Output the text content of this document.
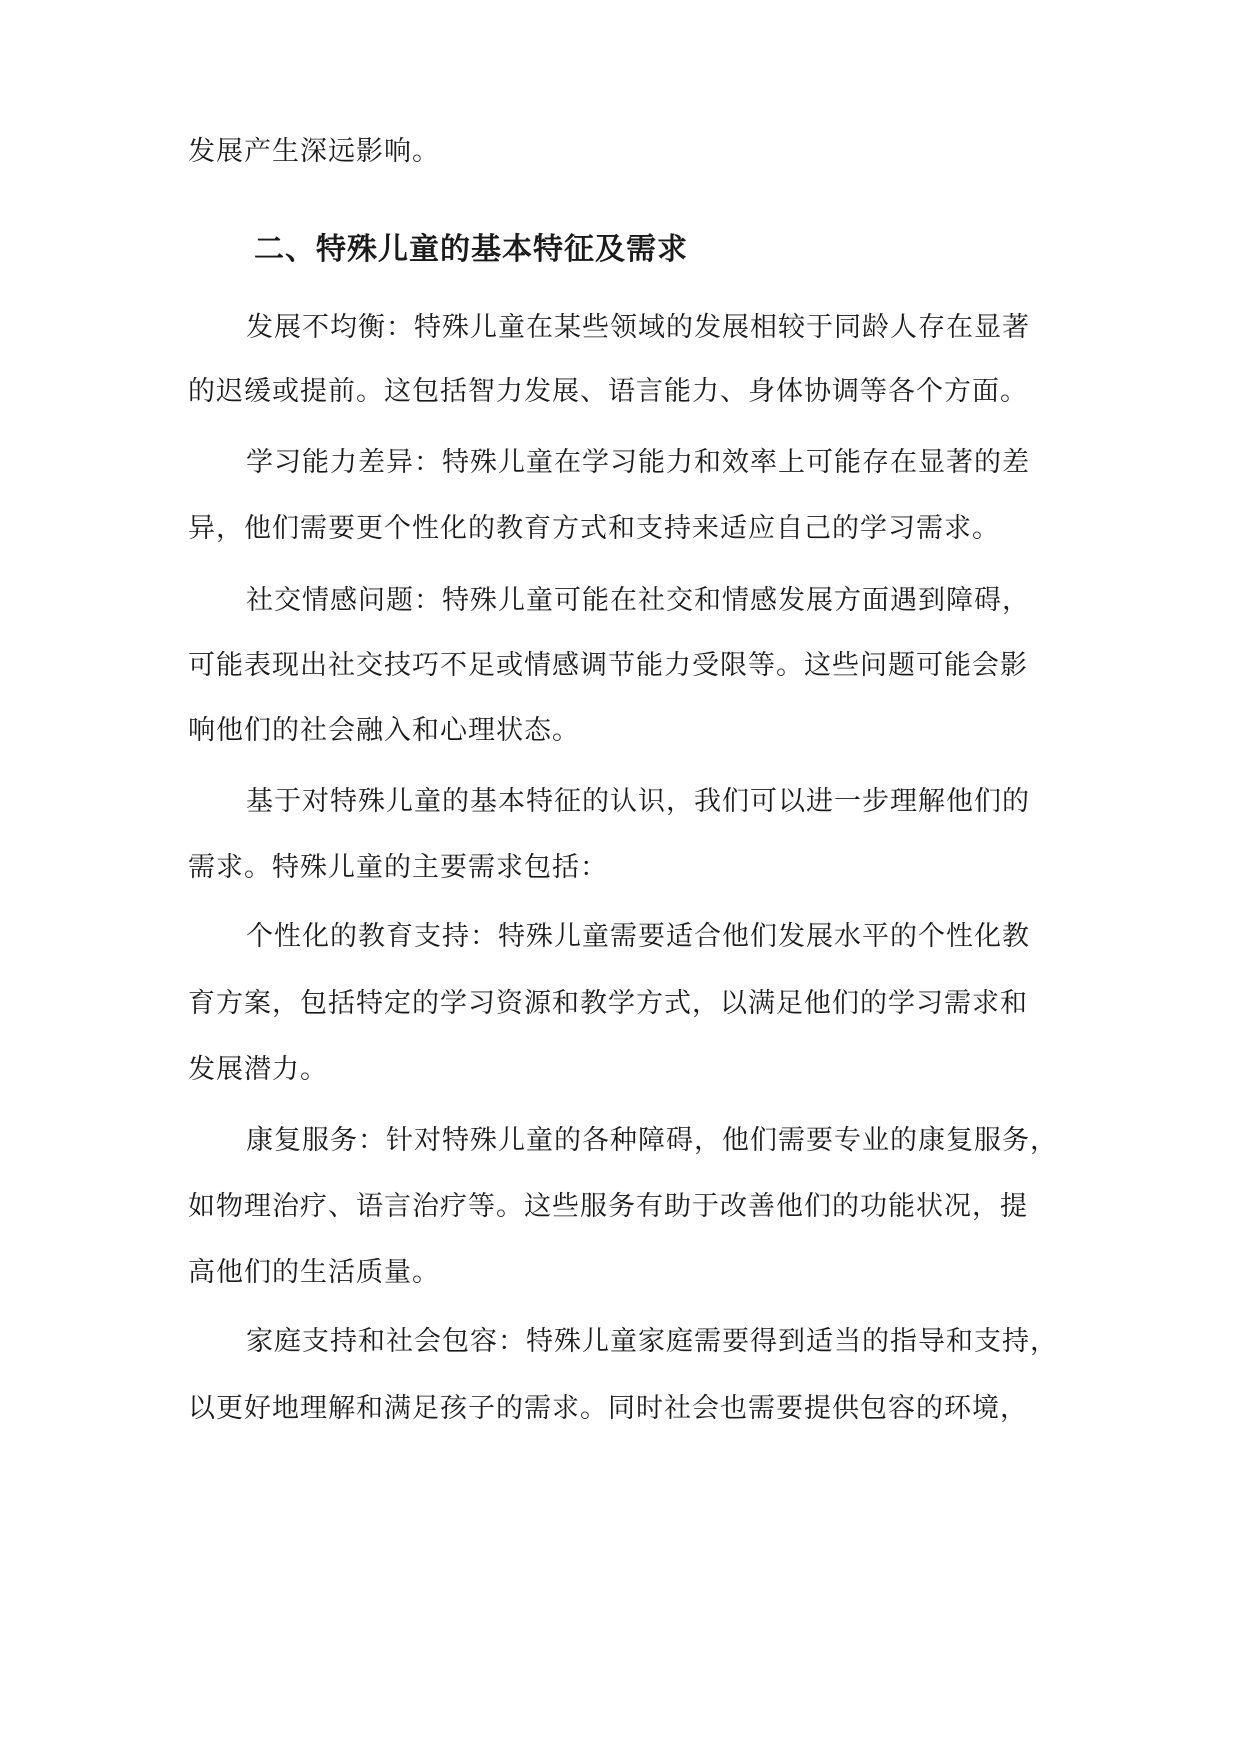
发展产生深远影响。
二、特殊儿童的基本特征及需求
发展不均衡：特殊儿童在某些领域的发展相较于同龄人存在显著
的迟缓或提前。这包括智力发展、语言能力、身体协调等各个方面。
学习能力差异：特殊儿童在学习能力和效率上可能存在显著的差
异，他们需要更个性化的教育方式和支持来适应自己的学习需求。
社交情感问题：特殊儿童可能在社交和情感发展方面遇到障碍，
可能表现出社交技巧不足或情感调节能力受限等。这些问题可能会影
响他们的社会融入和心理状态。
基于对特殊儿童的基本特征的认识，我们可以进一步理解他们的
需求。特殊儿童的主要需求包括：
个性化的教育支持：特殊儿童需要适合他们发展水平的个性化教
育方案，包括特定的学习资源和教学方式，以满足他们的学习需求和
发展潜力。
康复服务：针对特殊儿童的各种障碍，他们需要专业的康复服务，
如物理治疗、语言治疗等。这些服务有助于改善他们的功能状况，提
高他们的生活质量。
家庭支持和社会包容：特殊儿童家庭需要得到适当的指导和支持，
以更好地理解和满足孩子的需求。同时社会也需要提供包容的环境，
